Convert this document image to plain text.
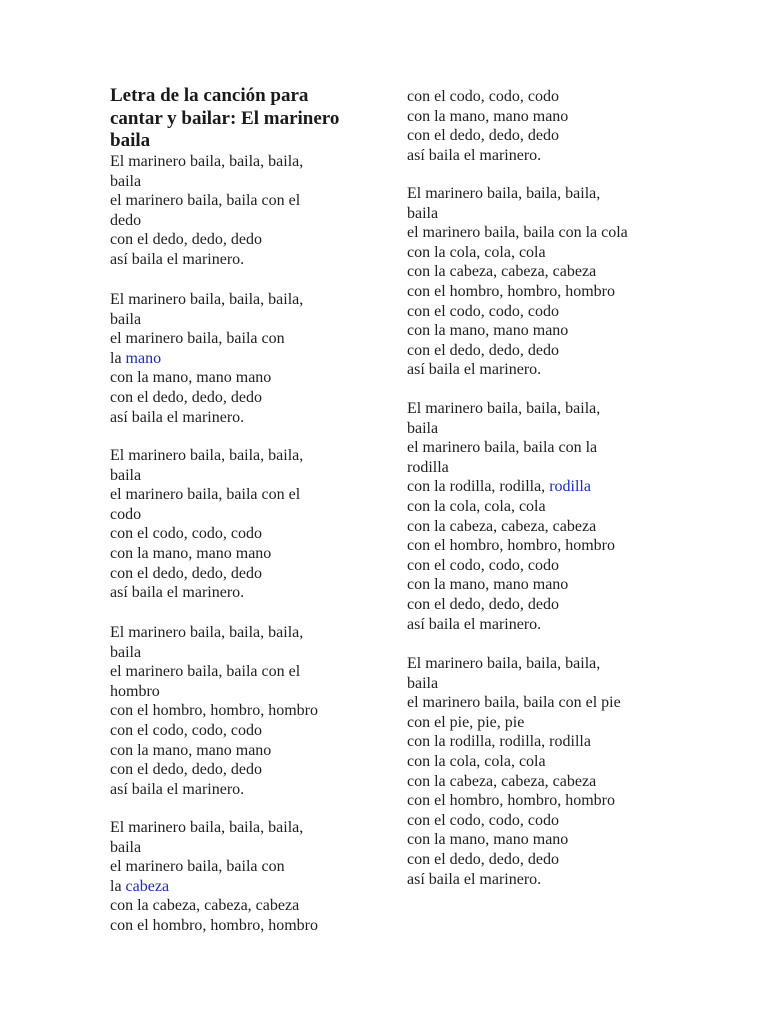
Letra de la canción para cantar y bailar: El marinero baila
El marinero baila, baila, baila,
baila
el marinero baila, baila con el
dedo
con el dedo, dedo, dedo
así baila el marinero.
El marinero baila, baila, baila,
baila
el marinero baila, baila con
la mano
con la mano, mano mano
con el dedo, dedo, dedo
así baila el marinero.
El marinero baila, baila, baila,
baila
el marinero baila, baila con el
codo
con el codo, codo, codo
con la mano, mano mano
con el dedo, dedo, dedo
así baila el marinero.
El marinero baila, baila, baila,
baila
el marinero baila, baila con el
hombro
con el hombro, hombro, hombro
con el codo, codo, codo
con la mano, mano mano
con el dedo, dedo, dedo
así baila el marinero.
El marinero baila, baila, baila,
baila
el marinero baila, baila con
la cabeza
con la cabeza, cabeza, cabeza
con el hombro, hombro, hombro
con el codo, codo, codo
con la mano, mano mano
con el dedo, dedo, dedo
así baila el marinero.
El marinero baila, baila, baila,
baila
el marinero baila, baila con la cola
con la cola, cola, cola
con la cabeza, cabeza, cabeza
con el hombro, hombro, hombro
con el codo, codo, codo
con la mano, mano mano
con el dedo, dedo, dedo
así baila el marinero.
El marinero baila, baila, baila,
baila
el marinero baila, baila con la
rodilla
con la rodilla, rodilla, rodilla
con la cola, cola, cola
con la cabeza, cabeza, cabeza
con el hombro, hombro, hombro
con el codo, codo, codo
con la mano, mano mano
con el dedo, dedo, dedo
así baila el marinero.
El marinero baila, baila, baila,
baila
el marinero baila, baila con el pie
con el pie, pie, pie
con la rodilla, rodilla, rodilla
con la cola, cola, cola
con la cabeza, cabeza, cabeza
con el hombro, hombro, hombro
con el codo, codo, codo
con la mano, mano mano
con el dedo, dedo, dedo
así baila el marinero.
